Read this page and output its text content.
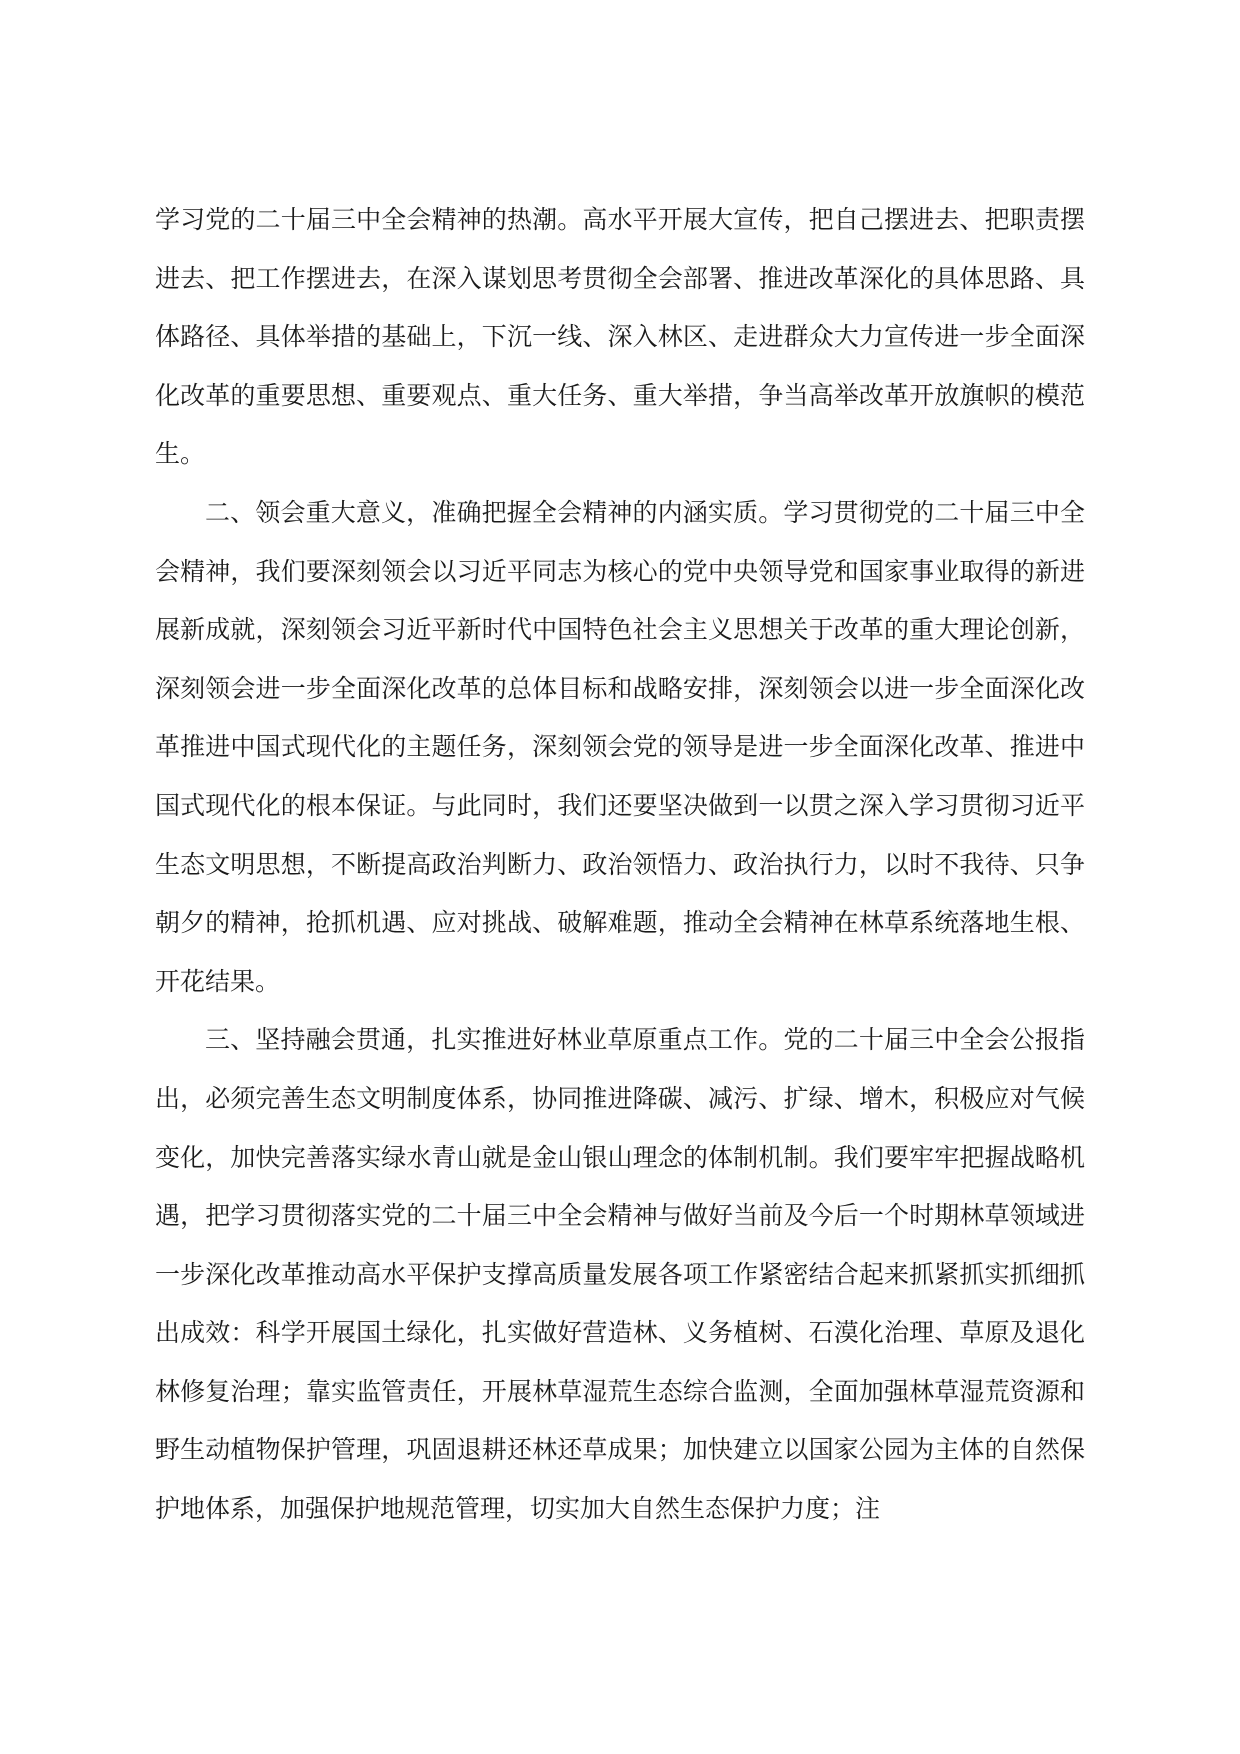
学习党的二十届三中全会精神的热潮。高水平开展大宣传，把自己摆进去、把职责摆进去、把工作摆进去，在深入谋划思考贯彻全会部署、推进改革深化的具体思路、具体路径、具体举措的基础上，下沉一线、深入林区、走进群众大力宣传进一步全面深化改革的重要思想、重要观点、重大任务、重大举措，争当高举改革开放旗帜的模范生。

二、领会重大意义，准确把握全会精神的内涵实质。学习贯彻党的二十届三中全会精神，我们要深刻领会以习近平同志为核心的党中央领导党和国家事业取得的新进展新成就，深刻领会习近平新时代中国特色社会主义思想关于改革的重大理论创新，深刻领会进一步全面深化改革的总体目标和战略安排，深刻领会以进一步全面深化改革推进中国式现代化的主题任务，深刻领会党的领导是进一步全面深化改革、推进中国式现代化的根本保证。与此同时，我们还要坚决做到一以贯之深入学习贯彻习近平生态文明思想，不断提高政治判断力、政治领悟力、政治执行力，以时不我待、只争朝夕的精神，抢抓机遇、应对挑战、破解难题，推动全会精神在林草系统落地生根、开花结果。

三、坚持融会贯通，扎实推进好林业草原重点工作。党的二十届三中全会公报指出，必须完善生态文明制度体系，协同推进降碳、减污、扩绿、增木，积极应对气候变化，加快完善落实绿水青山就是金山银山理念的体制机制。我们要牢牢把握战略机遇，把学习贯彻落实党的二十届三中全会精神与做好当前及今后一个时期林草领域进一步深化改革推动高水平保护支撑高质量发展各项工作紧密结合起来抓紧抓实抓细抓出成效：科学开展国土绿化，扎实做好营造林、义务植树、石漠化治理、草原及退化林修复治理；靠实监管责任，开展林草湿荒生态综合监测，全面加强林草湿荒资源和野生动植物保护管理，巩固退耕还林还草成果；加快建立以国家公园为主体的自然保护地体系，加强保护地规范管理，切实加大自然生态保护力度；注
